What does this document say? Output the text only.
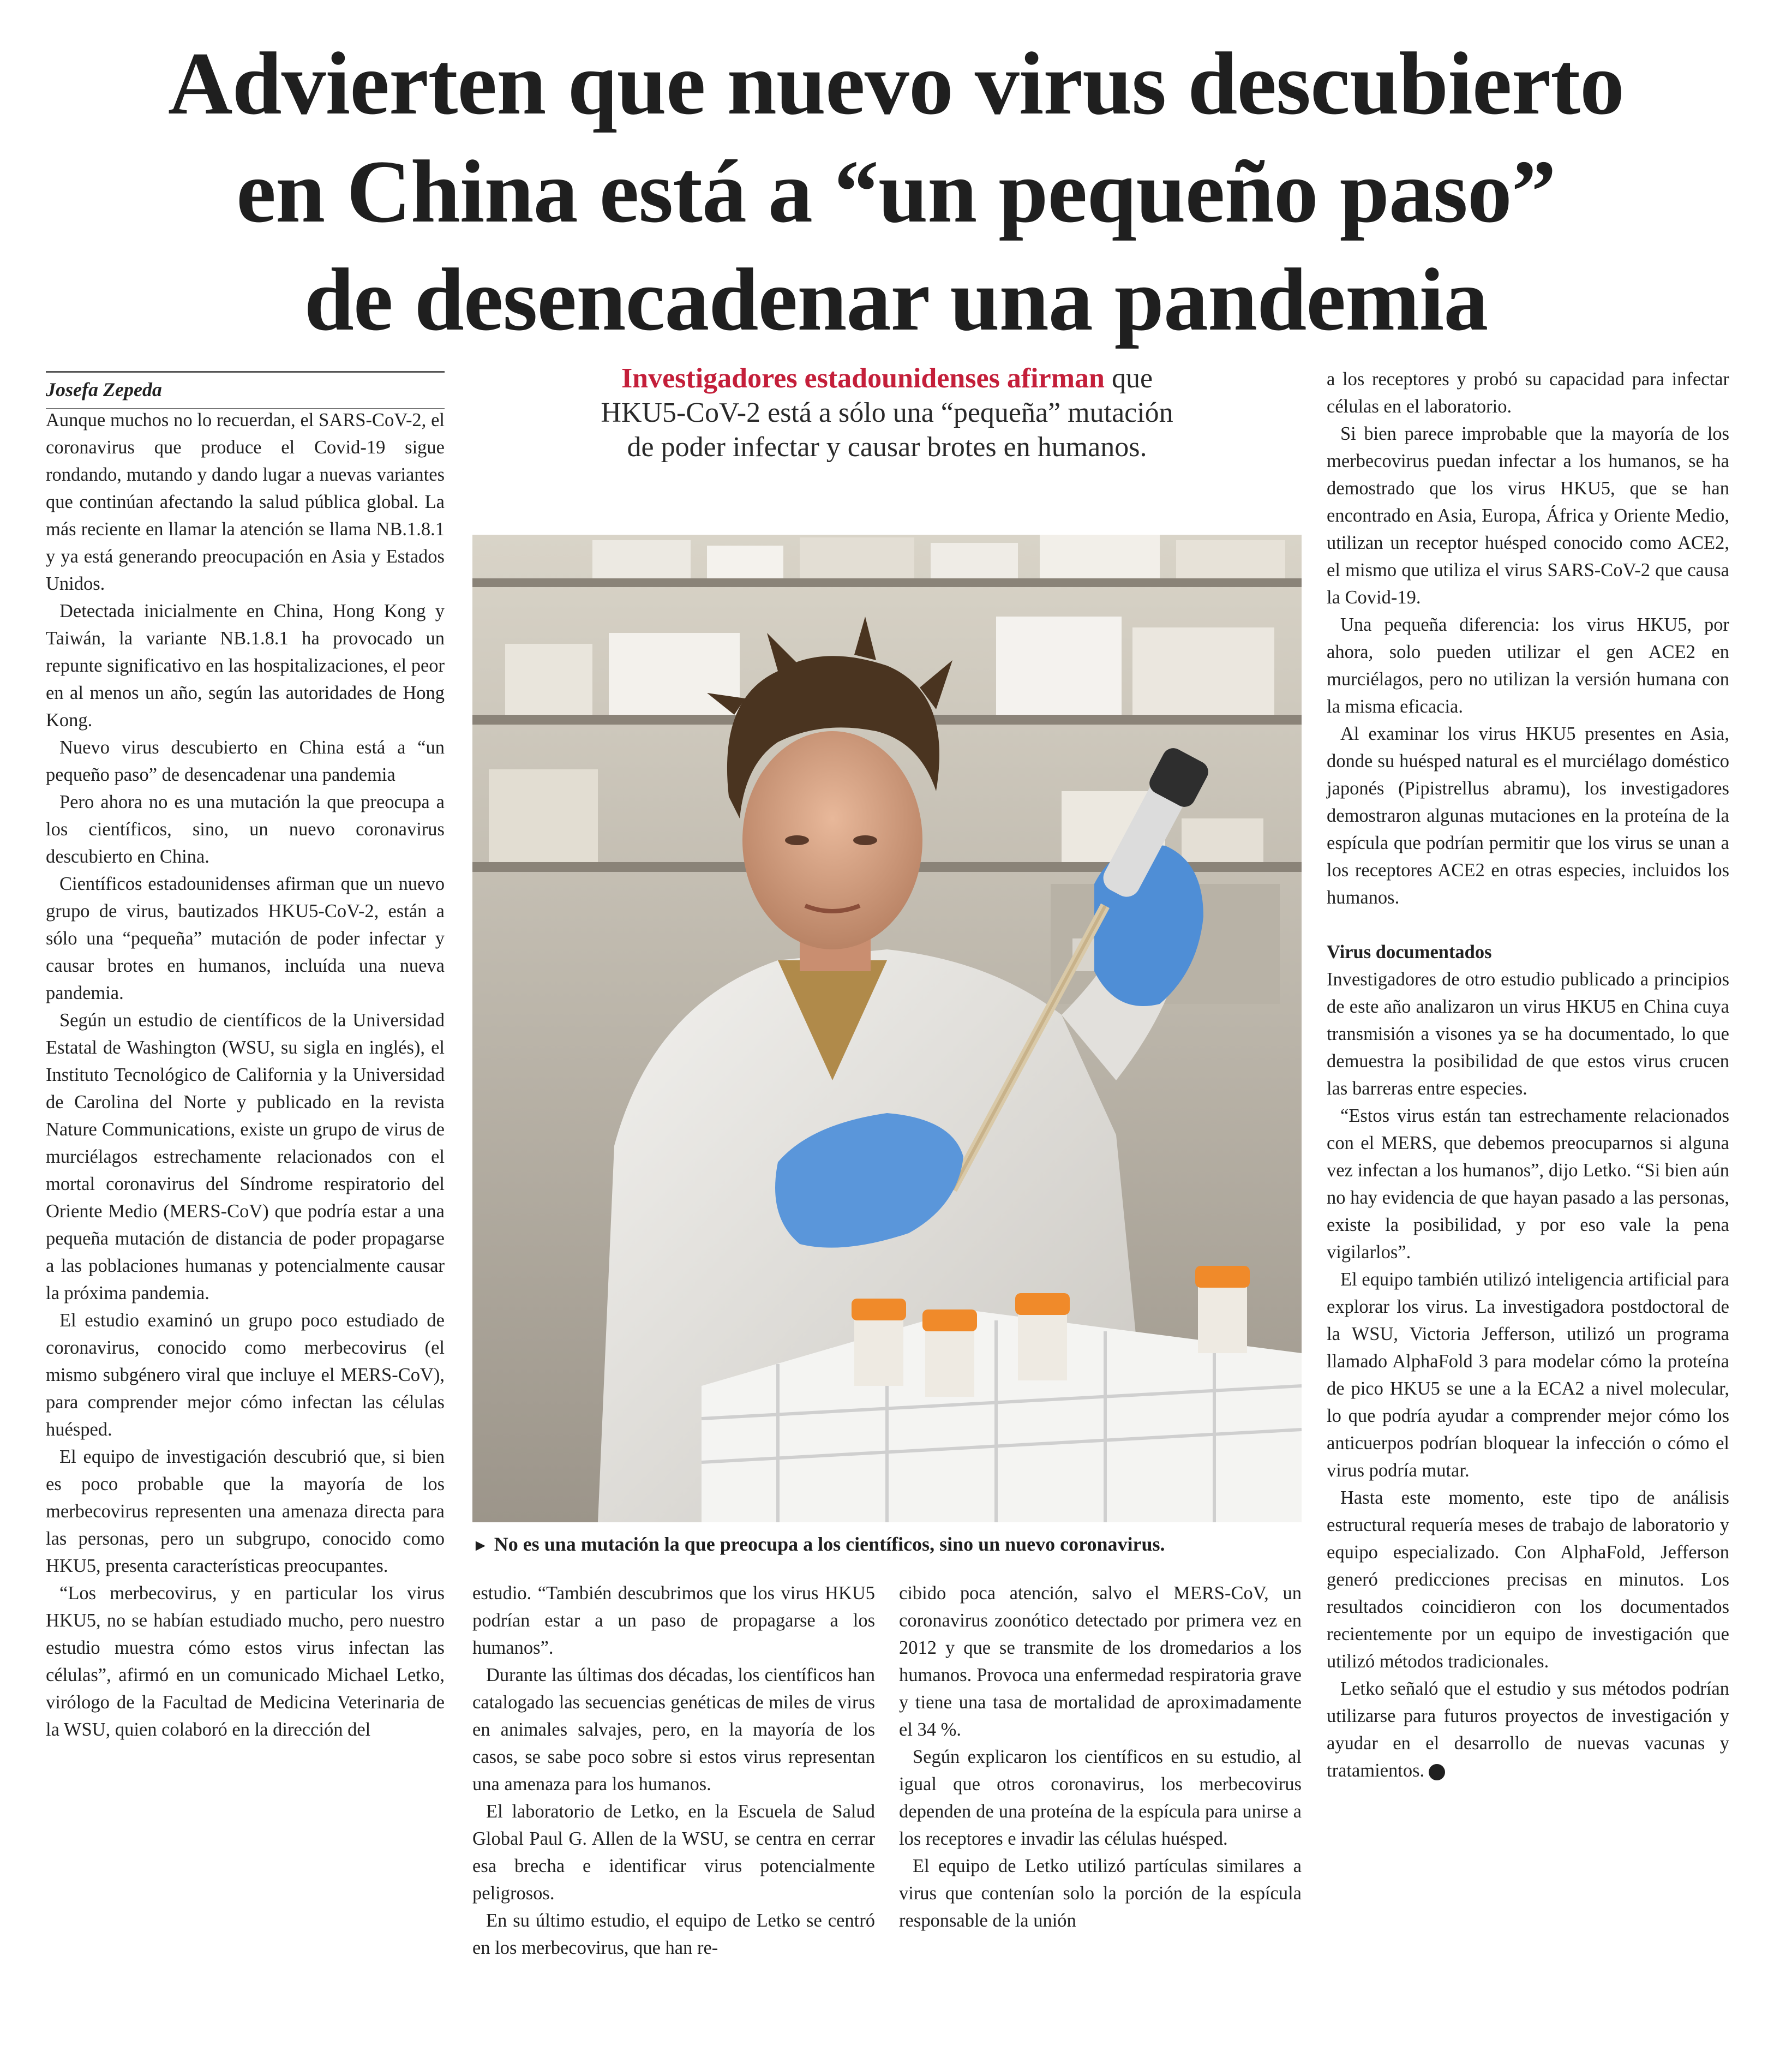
Advierten que nuevo virus descubierto
en China está a “un pequeño paso”
de desencadenar una pandemia
Josefa Zepeda

Aunque muchos no lo recuerdan, el SARS-CoV-2, el coronavirus que produce el Covid-19 sigue rondando, mutando y dando lugar a nuevas variantes que continúan afectando la salud pública global. La más reciente en llamar la atención se llama NB.1.8.1 y ya está generando preocupación en Asia y Estados Unidos.

Detectada inicialmente en China, Hong Kong y Taiwán, la variante NB.1.8.1 ha provocado un repunte significativo en las hospitalizaciones, el peor en al menos un año, según las autoridades de Hong Kong.

Nuevo virus descubierto en China está a “un pequeño paso” de desencadenar una pandemia

Pero ahora no es una mutación la que preocupa a los científicos, sino, un nuevo coronavirus descubierto en China.

Científicos estadounidenses afirman que un nuevo grupo de virus, bautizados HKU5-CoV-2, están a sólo una “pequeña” mutación de poder infectar y causar brotes en humanos, incluída una nueva pandemia.

Según un estudio de científicos de la Universidad Estatal de Washington (WSU, su sigla en inglés), el Instituto Tecnológico de California y la Universidad de Carolina del Norte y publicado en la revista Nature Communications, existe un grupo de virus de murciélagos estrechamente relacionados con el mortal coronavirus del Síndrome respiratorio del Oriente Medio (MERS-CoV) que podría estar a una pequeña mutación de distancia de poder propagarse a las poblaciones humanas y potencialmente causar la próxima pandemia.

El estudio examinó un grupo poco estudiado de coronavirus, conocido como merbecovirus (el mismo subgénero viral que incluye el MERS-CoV), para comprender mejor cómo infectan las células huésped.

El equipo de investigación descubrió que, si bien es poco probable que la mayoría de los merbecovirus representen una amenaza directa para las personas, pero un subgrupo, conocido como HKU5, presenta características preocupantes.

“Los merbecovirus, y en particular los virus HKU5, no se habían estudiado mucho, pero nuestro estudio muestra cómo estos virus infectan las células”, afirmó en un comunicado Michael Letko, virólogo de la Facultad de Medicina Veterinaria de la WSU, quien colaboró en la dirección del

Investigadores estadounidenses afirman que
HKU5-CoV-2 está a sólo una “pequeña” mutación
de poder infectar y causar brotes en humanos.
► No es una mutación la que preocupa a los científicos, sino un nuevo coronavirus.

estudio. “También descubrimos que los virus HKU5 podrían estar a un paso de propagarse a los humanos”.

Durante las últimas dos décadas, los científicos han catalogado las secuencias genéticas de miles de virus en animales salvajes, pero, en la mayoría de los casos, se sabe poco sobre si estos virus representan una amenaza para los humanos.

El laboratorio de Letko, en la Escuela de Salud Global Paul G. Allen de la WSU, se centra en cerrar esa brecha e identificar virus potencialmente peligrosos.

En su último estudio, el equipo de Letko se centró en los merbecovirus, que han re-

cibido poca atención, salvo el MERS-CoV, un coronavirus zoonótico detectado por primera vez en 2012 y que se transmite de los dromedarios a los humanos. Provoca una enfermedad respiratoria grave y tiene una tasa de mortalidad de aproximadamente el 34 %.

Según explicaron los científicos en su estudio, al igual que otros coronavirus, los merbecovirus dependen de una proteína de la espícula para unirse a los receptores e invadir las células huésped.

El equipo de Letko utilizó partículas similares a virus que contenían solo la porción de la espícula responsable de la unión

a los receptores y probó su capacidad para infectar células en el laboratorio.

Si bien parece improbable que la mayoría de los merbecovirus puedan infectar a los humanos, se ha demostrado que los virus HKU5, que se han encontrado en Asia, Europa, África y Oriente Medio, utilizan un receptor huésped conocido como ACE2, el mismo que utiliza el virus SARS-CoV-2 que causa la Covid-19.

Una pequeña diferencia: los virus HKU5, por ahora, solo pueden utilizar el gen ACE2 en murciélagos, pero no utilizan la versión humana con la misma eficacia.

Al examinar los virus HKU5 presentes en Asia, donde su huésped natural es el murciélago doméstico japonés (Pipistrellus abramu), los investigadores demostraron algunas mutaciones en la proteína de la espícula que podrían permitir que los virus se unan a los receptores ACE2 en otras especies, incluidos los humanos.

Virus documentados

Investigadores de otro estudio publicado a principios de este año analizaron un virus HKU5 en China cuya transmisión a visones ya se ha documentado, lo que demuestra la posibilidad de que estos virus crucen las barreras entre especies.

“Estos virus están tan estrechamente relacionados con el MERS, que debemos preocuparnos si alguna vez infectan a los humanos”, dijo Letko. “Si bien aún no hay evidencia de que hayan pasado a las personas, existe la posibilidad, y por eso vale la pena vigilarlos”.

El equipo también utilizó inteligencia artificial para explorar los virus. La investigadora postdoctoral de la WSU, Victoria Jefferson, utilizó un programa llamado AlphaFold 3 para modelar cómo la proteína de pico HKU5 se une a la ECA2 a nivel molecular, lo que podría ayudar a comprender mejor cómo los anticuerpos podrían bloquear la infección o cómo el virus podría mutar.

Hasta este momento, este tipo de análisis estructural requería meses de trabajo de laboratorio y equipo especializado. Con AlphaFold, Jefferson generó predicciones precisas en minutos. Los resultados coincidieron con los documentados recientemente por un equipo de investigación que utilizó métodos tradicionales.

Letko señaló que el estudio y sus métodos podrían utilizarse para futuros proyectos de investigación y ayudar en el desarrollo de nuevas vacunas y tratamientos.
